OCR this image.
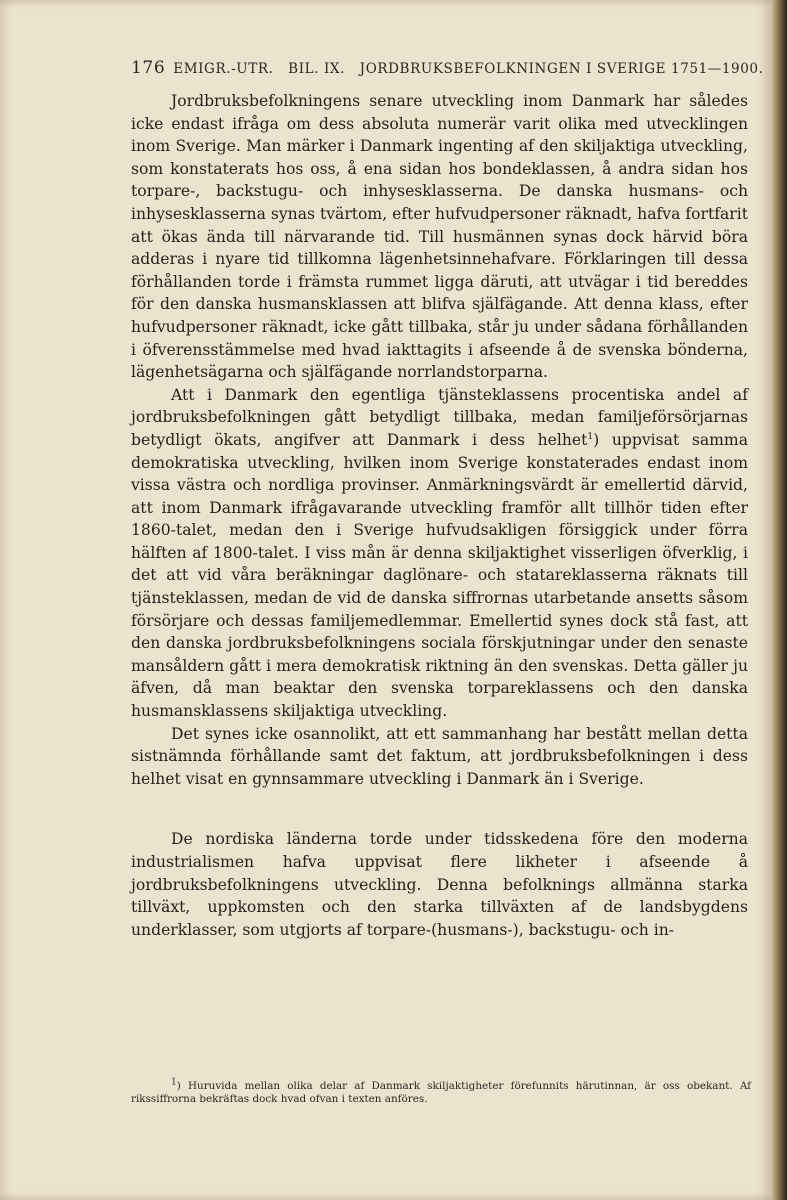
176 EMIGR.-UTR.   BIL. IX.   JORDBRUKSBEFOLKNINGEN I SVERIGE 1751—1900.

Jordbruksbefolkningens senare utveckling inom Danmark har således icke endast ifråga om dess absoluta numerär varit olika med utvecklingen inom Sverige. Man märker i Danmark ingenting af den skiljaktiga utveckling, som konstaterats hos oss, å ena sidan hos bondeklassen, å andra sidan hos torpare-, backstugu- och inhysesklasserna. De danska husmans- och inhysesklasserna synas tvärtom, efter hufvudpersoner räknadt, hafva fortfarit att ökas ända till närvarande tid. Till husmännen synas dock härvid böra adderas i nyare tid tillkomna lägenhetsinnehafvare. Förklaringen till dessa förhållanden torde i främsta rummet ligga däruti, att utvägar i tid bereddes för den danska husmansklassen att blifva själfägande. Att denna klass, efter hufvudpersoner räknadt, icke gått tillbaka, står ju under sådana förhållanden i öfverensstämmelse med hvad iakttagits i afseende å de svenska bönderna, lägenhetsägarna och själfägande norrlandstorparna.

Att i Danmark den egentliga tjänsteklassens procentiska andel af jordbruksbefolkningen gått betydligt tillbaka, medan familjeförsörjarnas betydligt ökats, angifver att Danmark i dess helhet$^1$) uppvisat samma demokratiska utveckling, hvilken inom Sverige konstaterades endast inom vissa västra och nordliga provinser. Anmärkningsvärdt är emellertid därvid, att inom Danmark ifrågavarande utveckling framför allt tillhör tiden efter 1860-talet, medan den i Sverige hufvudsakligen försiggick under förra hälften af 1800-talet. I viss mån är denna skiljaktighet visserligen öfverklig, i det att vid våra beräkningar daglönare- och statareklasserna räknats till tjänsteklassen, medan de vid de danska siffrornas utarbetande ansetts såsom försörjare och dessas familjemedlemmar. Emellertid synes dock stå fast, att den danska jordbruksbefolkningens sociala förskjutningar under den senaste mansåldern gått i mera demokratisk riktning än den svenskas. Detta gäller ju äfven, då man beaktar den svenska torpareklassens och den danska husmansklassens skiljaktiga utveckling.

Det synes icke osannolikt, att ett sammanhang har bestått mellan detta sistnämnda förhållande samt det faktum, att jordbruksbefolkningen i dess helhet visat en gynnsammare utveckling i Danmark än i Sverige.

De nordiska länderna torde under tidsskedena före den moderna industrialismen hafva uppvisat flere likheter i afseende å jordbruksbefolkningens utveckling. Denna befolknings allmänna starka tillväxt, uppkomsten och den starka tillväxten af de landsbygdens underklasser, som utgjorts af torpare-(husmans-), backstugu- och in-

$^1$) Huruvida mellan olika delar af Danmark skiljaktigheter förefunnits härutinnan, är oss obekant. Af rikssiffrorna bekräftas dock hvad ofvan i texten anföres.
